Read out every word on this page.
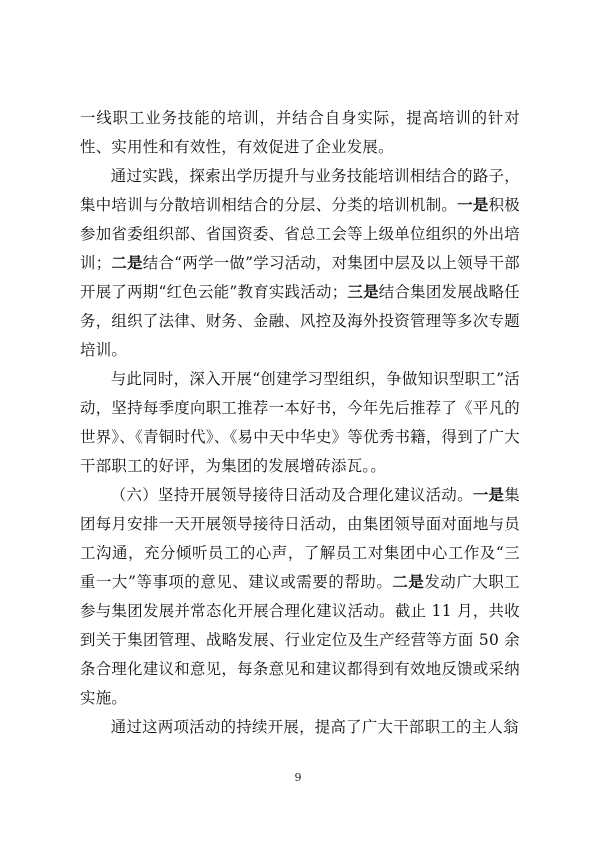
一线职工业务技能的培训，并结合自身实际，提高培训的针对性、实用性和有效性，有效促进了企业发展。

通过实践，探索出学历提升与业务技能培训相结合的路子，集中培训与分散培训相结合的分层、分类的培训机制。一是积极参加省委组织部、省国资委、省总工会等上级单位组织的外出培训；二是结合“两学一做”学习活动，对集团中层及以上领导干部开展了两期“红色云能”教育实践活动；三是结合集团发展战略任务，组织了法律、财务、金融、风控及海外投资管理等多次专题培训。

与此同时，深入开展“创建学习型组织，争做知识型职工”活动，坚持每季度向职工推荐一本好书，今年先后推荐了《平凡的世界》、《青铜时代》、《易中天中华史》等优秀书籍，得到了广大干部职工的好评，为集团的发展增砖添瓦。。

（六）坚持开展领导接待日活动及合理化建议活动。一是集团每月安排一天开展领导接待日活动，由集团领导面对面地与员工沟通，充分倾听员工的心声，了解员工对集团中心工作及“三重一大”等事项的意见、建议或需要的帮助。二是发动广大职工参与集团发展并常态化开展合理化建议活动。截止 11 月，共收到关于集团管理、战略发展、行业定位及生产经营等方面 50 余条合理化建议和意见，每条意见和建议都得到有效地反馈或采纳实施。

通过这两项活动的持续开展，提高了广大干部职工的主人翁

9
